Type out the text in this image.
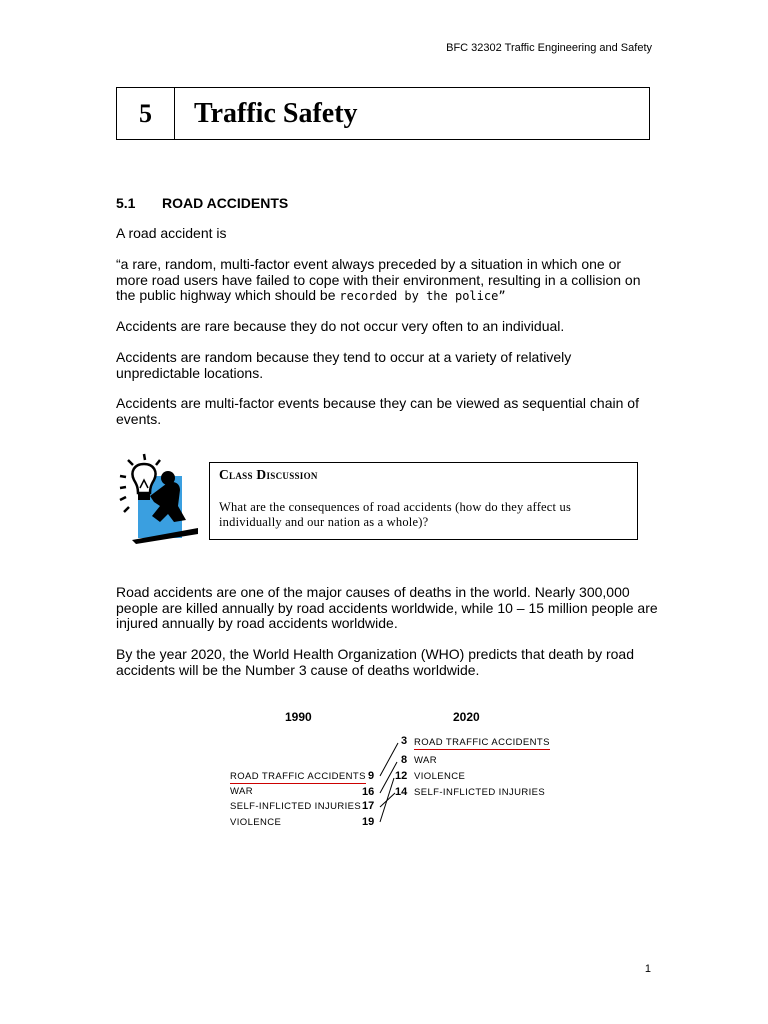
BFC 32302 Traffic Engineering and Safety
5	Traffic Safety
5.1 ROAD ACCIDENTS
A road accident is
“a rare, random, multi-factor event always preceded by a situation in which one or more road users have failed to cope with their environment, resulting in a collision on the public highway which should be recorded by the police”
Accidents are rare because they do not occur very often to an individual.
Accidents are random because they tend to occur at a variety of relatively unpredictable locations.
Accidents are multi-factor events because they can be viewed as sequential chain of events.
Class Discussion
What are the consequences of road accidents (how do they affect us individually and our nation as a whole)?
Road accidents are one of the major causes of deaths in the world. Nearly 300,000 people are killed annually by road accidents worldwide, while 10 – 15 million people are injured annually by road accidents worldwide.
By the year 2020, the World Health Organization (WHO) predicts that death by road accidents will be the Number 3 cause of deaths worldwide.
1990	2020
ROAD TRAFFIC ACCIDENTS 9
WAR	16
SELF-INFLICTED INJURIES 17
VIOLENCE	19
3 ROAD TRAFFIC ACCIDENTS
8 WAR
12 VIOLENCE
14 SELF-INFLICTED INJURIES
1
